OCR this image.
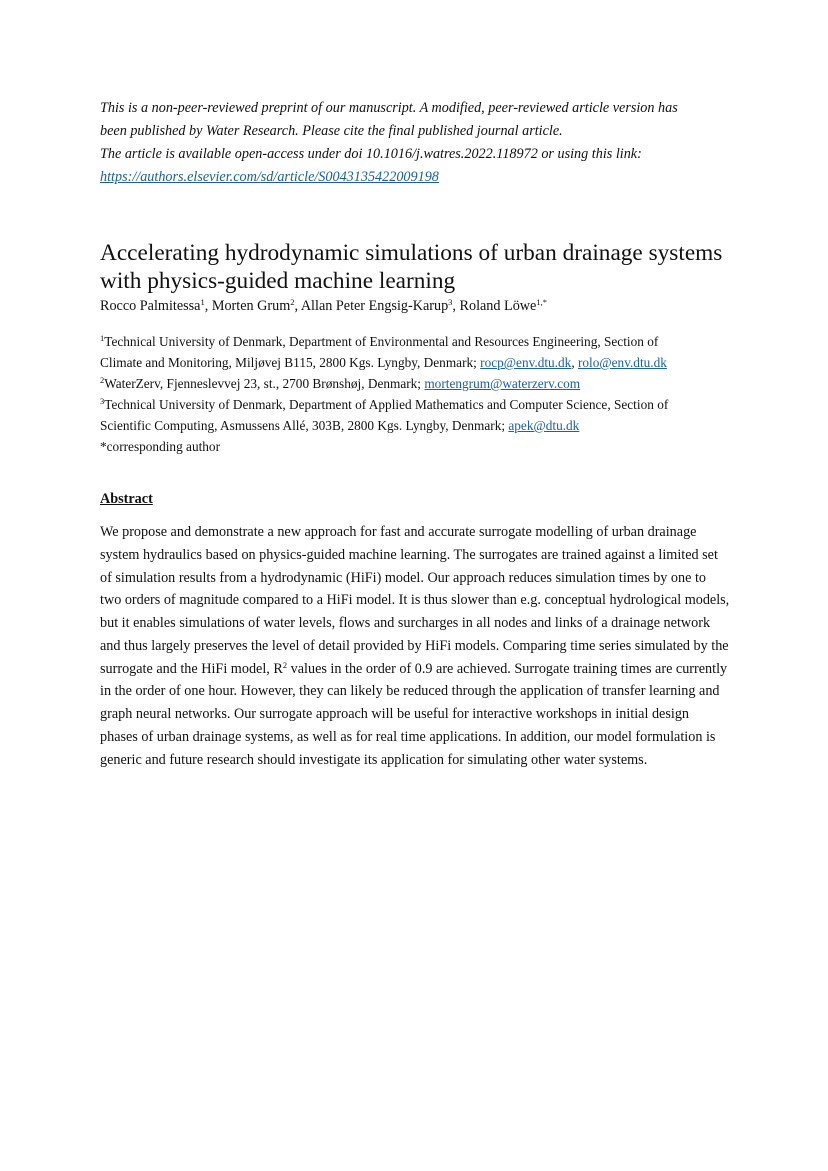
This is a non-peer-reviewed preprint of our manuscript. A modified, peer-reviewed article version has

been published by Water Research. Please cite the final published journal article.

The article is available open-access under doi 10.1016/j.watres.2022.118972 or using this link:

https://authors.elsevier.com/sd/article/S0043135422009198

Accelerating hydrodynamic simulations of urban drainage systems with physics-guided machine learning
Rocco Palmitessa$^1$, Morten Grum$^2$, Allan Peter Engsig-Karup$^3$, Roland Löwe$^{1,*}$

$^1$Technical University of Denmark, Department of Environmental and Resources Engineering, Section of

Climate and Monitoring, Miljøvej B115, 2800 Kgs. Lyngby, Denmark; rocp@env.dtu.dk, rolo@env.dtu.dk

$^2$WaterZerv, Fjenneslevvej 23, st., 2700 Brønshøj, Denmark; mortengrum@waterzerv.com

$^3$Technical University of Denmark, Department of Applied Mathematics and Computer Science, Section of

Scientific Computing, Asmussens Allé, 303B, 2800 Kgs. Lyngby, Denmark; apek@dtu.dk

*corresponding author

Abstract

We propose and demonstrate a new approach for fast and accurate surrogate modelling of urban drainage system hydraulics based on physics-guided machine learning. The surrogates are trained against a limited set of simulation results from a hydrodynamic (HiFi) model. Our approach reduces simulation times by one to two orders of magnitude compared to a HiFi model. It is thus slower than e.g. conceptual hydrological models, but it enables simulations of water levels, flows and surcharges in all nodes and links of a drainage network and thus largely preserves the level of detail provided by HiFi models. Comparing time series simulated by the surrogate and the HiFi model, $R^2$ values in the order of 0.9 are achieved. Surrogate training times are currently in the order of one hour. However, they can likely be reduced through the application of transfer learning and graph neural networks. Our surrogate approach will be useful for interactive workshops in initial design phases of urban drainage systems, as well as for real time applications. In addition, our model formulation is generic and future research should investigate its application for simulating other water systems.
